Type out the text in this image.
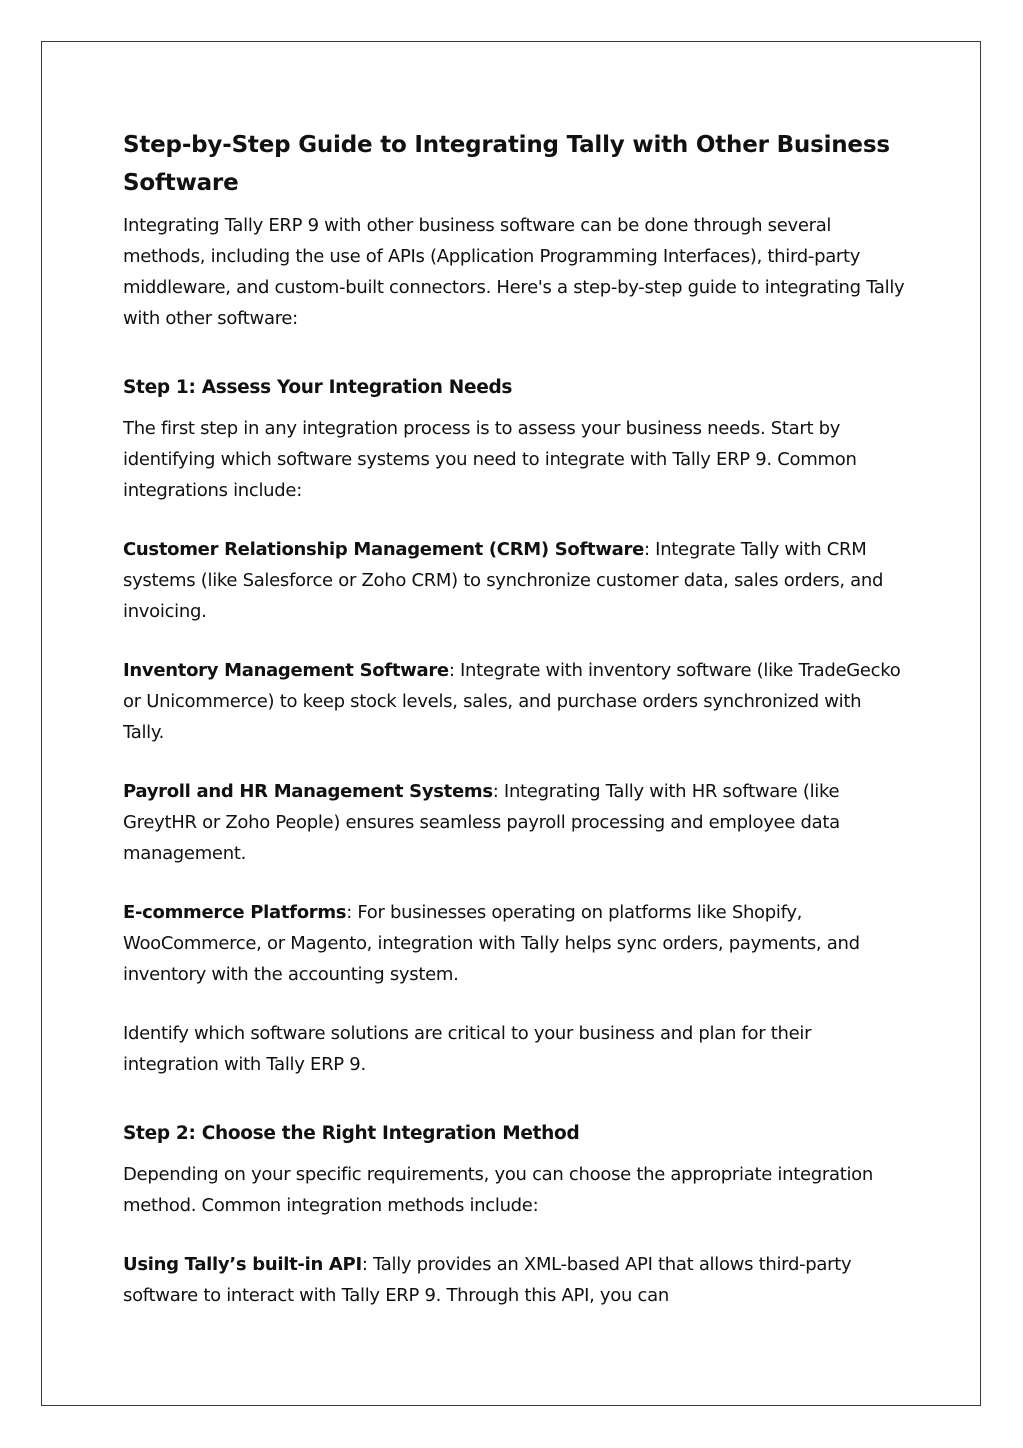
Step-by-Step Guide to Integrating Tally with Other Business Software

Integrating Tally ERP 9 with other business software can be done through several methods, including the use of APIs (Application Programming Interfaces), third-party middleware, and custom-built connectors. Here's a step-by-step guide to integrating Tally with other software:

Step 1: Assess Your Integration Needs

The first step in any integration process is to assess your business needs. Start by identifying which software systems you need to integrate with Tally ERP 9. Common integrations include:

Customer Relationship Management (CRM) Software: Integrate Tally with CRM systems (like Salesforce or Zoho CRM) to synchronize customer data, sales orders, and invoicing.

Inventory Management Software: Integrate with inventory software (like TradeGecko or Unicommerce) to keep stock levels, sales, and purchase orders synchronized with Tally.

Payroll and HR Management Systems: Integrating Tally with HR software (like GreytHR or Zoho People) ensures seamless payroll processing and employee data management.

E-commerce Platforms: For businesses operating on platforms like Shopify, WooCommerce, or Magento, integration with Tally helps sync orders, payments, and inventory with the accounting system.

Identify which software solutions are critical to your business and plan for their integration with Tally ERP 9.

Step 2: Choose the Right Integration Method

Depending on your specific requirements, you can choose the appropriate integration method. Common integration methods include:

Using Tally’s built-in API: Tally provides an XML-based API that allows third-party software to interact with Tally ERP 9. Through this API, you can
